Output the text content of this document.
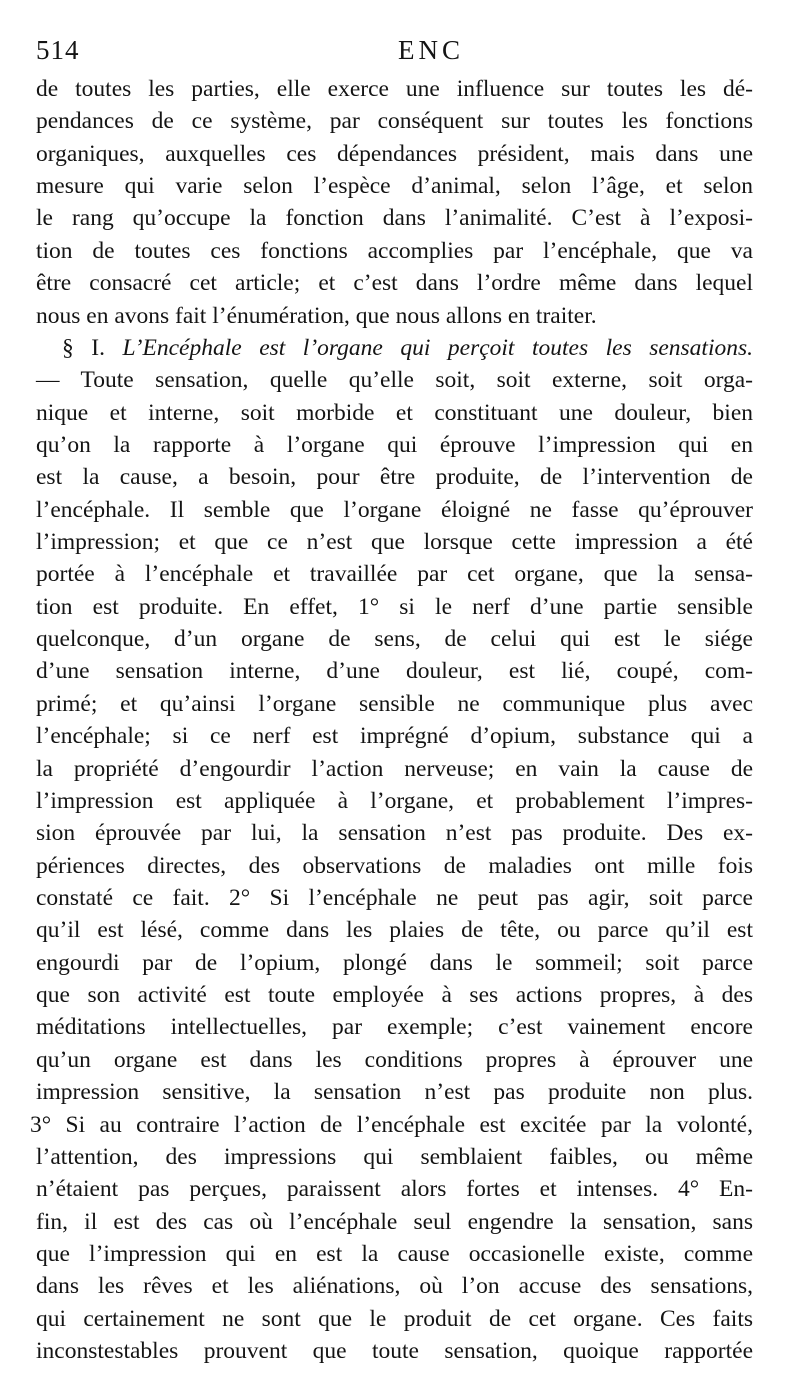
514	ENC
de toutes les parties, elle exerce une influence sur toutes les dé-
pendances de ce système, par conséquent sur toutes les fonctions
organiques, auxquelles ces dépendances président, mais dans une
mesure qui varie selon l’espèce d’animal, selon l’âge, et selon
le rang qu’occupe la fonction dans l’animalité. C’est à l’exposi-
tion de toutes ces fonctions accomplies par l’encéphale, que va
être consacré cet article; et c’est dans l’ordre même dans lequel
nous en avons fait l’énumération, que nous allons en traiter.
§ I. L’Encéphale est l’organe qui perçoit toutes les sensations.
— Toute sensation, quelle qu’elle soit, soit externe, soit orga-
nique et interne, soit morbide et constituant une douleur, bien
qu’on la rapporte à l’organe qui éprouve l’impression qui en
est la cause, a besoin, pour être produite, de l’intervention de
l’encéphale. Il semble que l’organe éloigné ne fasse qu’éprouver
l’impression; et que ce n’est que lorsque cette impression a été
portée à l’encéphale et travaillée par cet organe, que la sensa-
tion est produite. En effet, 1° si le nerf d’une partie sensible
quelconque, d’un organe de sens, de celui qui est le siége
d’une sensation interne, d’une douleur, est lié, coupé, com-
primé; et qu’ainsi l’organe sensible ne communique plus avec
l’encéphale; si ce nerf est imprégné d’opium, substance qui a
la propriété d’engourdir l’action nerveuse; en vain la cause de
l’impression est appliquée à l’organe, et probablement l’impres-
sion éprouvée par lui, la sensation n’est pas produite. Des ex-
périences directes, des observations de maladies ont mille fois
constaté ce fait. 2° Si l’encéphale ne peut pas agir, soit parce
qu’il est lésé, comme dans les plaies de tête, ou parce qu’il est
engourdi par de l’opium, plongé dans le sommeil; soit parce
que son activité est toute employée à ses actions propres, à des
méditations intellectuelles, par exemple; c’est vainement encore
qu’un organe est dans les conditions propres à éprouver une
impression sensitive, la sensation n’est pas produite non plus.
3° Si au contraire l’action de l’encéphale est excitée par la volonté,
l’attention, des impressions qui semblaient faibles, ou même
n’étaient pas perçues, paraissent alors fortes et intenses. 4° En-
fin, il est des cas où l’encéphale seul engendre la sensation, sans
que l’impression qui en est la cause occasionelle existe, comme
dans les rêves et les aliénations, où l’on accuse des sensations,
qui certainement ne sont que le produit de cet organe. Ces faits
inconstestables prouvent que toute sensation, quoique rapportée
